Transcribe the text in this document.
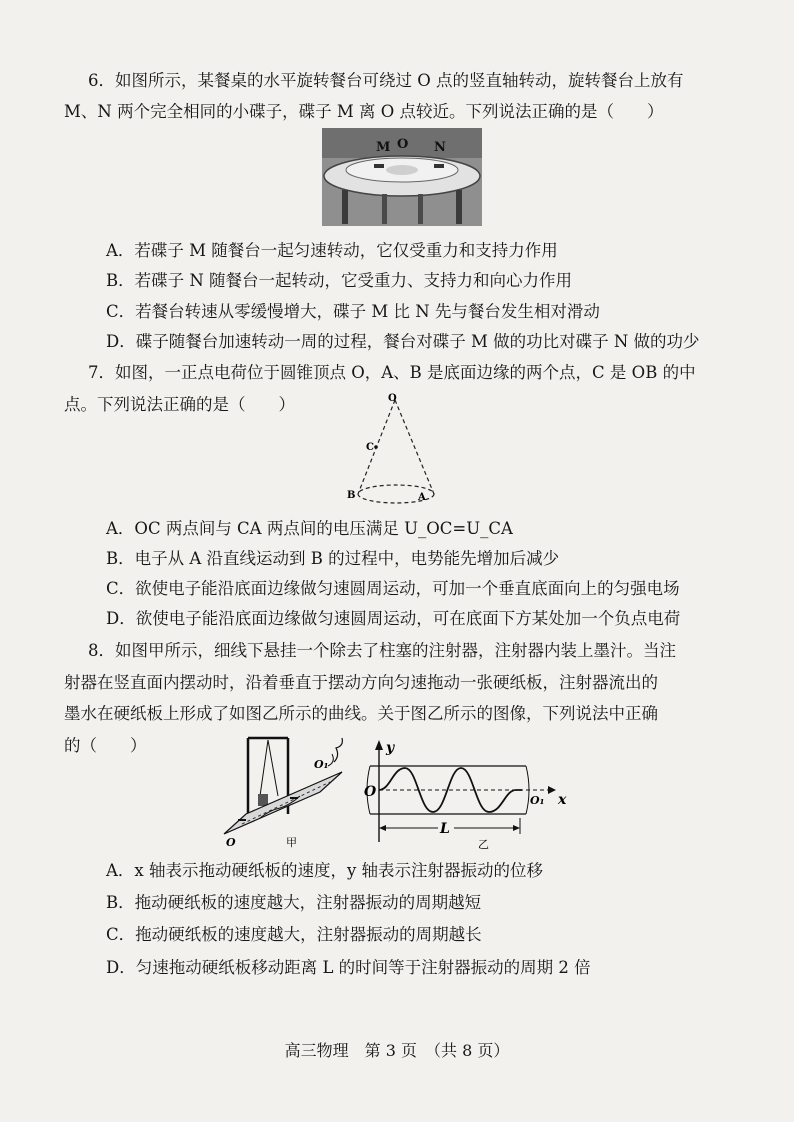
6．如图所示，某餐桌的水平旋转餐台可绕过 O 点的竖直轴转动，旋转餐台上放有
M、N 两个完全相同的小碟子，碟子 M 离 O 点较近。下列说法正确的是（　　）
M O N
A．若碟子 M 随餐台一起匀速转动，它仅受重力和支持力作用
B．若碟子 N 随餐台一起转动，它受重力、支持力和向心力作用
C．若餐台转速从零缓慢增大，碟子 M 比 N 先与餐台发生相对滑动
D．碟子随餐台加速转动一周的过程，餐台对碟子 M 做的功比对碟子 N 做的功少
7．如图，一正点电荷位于圆锥顶点 O，A、B 是底面边缘的两个点，C 是 OB 的中
点。下列说法正确的是（　　）	O
C
B	A
A．OC 两点间与 CA 两点间的电压满足 U_OC=U_CA
B．电子从 A 沿直线运动到 B 的过程中，电势能先增加后减少
C．欲使电子能沿底面边缘做匀速圆周运动，可加一个垂直底面向上的匀强电场
D．欲使电子能沿底面边缘做匀速圆周运动，可在底面下方某处加一个负点电荷
8．如图甲所示，细线下悬挂一个除去了柱塞的注射器，注射器内装上墨汁。当注
射器在竖直面内摆动时，沿着垂直于摆动方向匀速拖动一张硬纸板，注射器流出的
墨水在硬纸板上形成了如图乙所示的曲线。关于图乙所示的图像，下列说法中正确
的（　　）
O₁
O	甲
y
O
O₁ x
L
乙
A．x 轴表示拖动硬纸板的速度，y 轴表示注射器振动的位移
B．拖动硬纸板的速度越大，注射器振动的周期越短
C．拖动硬纸板的速度越大，注射器振动的周期越长
D．匀速拖动硬纸板移动距离 L 的时间等于注射器振动的周期 2 倍
高三物理　第 3 页　（共 8 页）
